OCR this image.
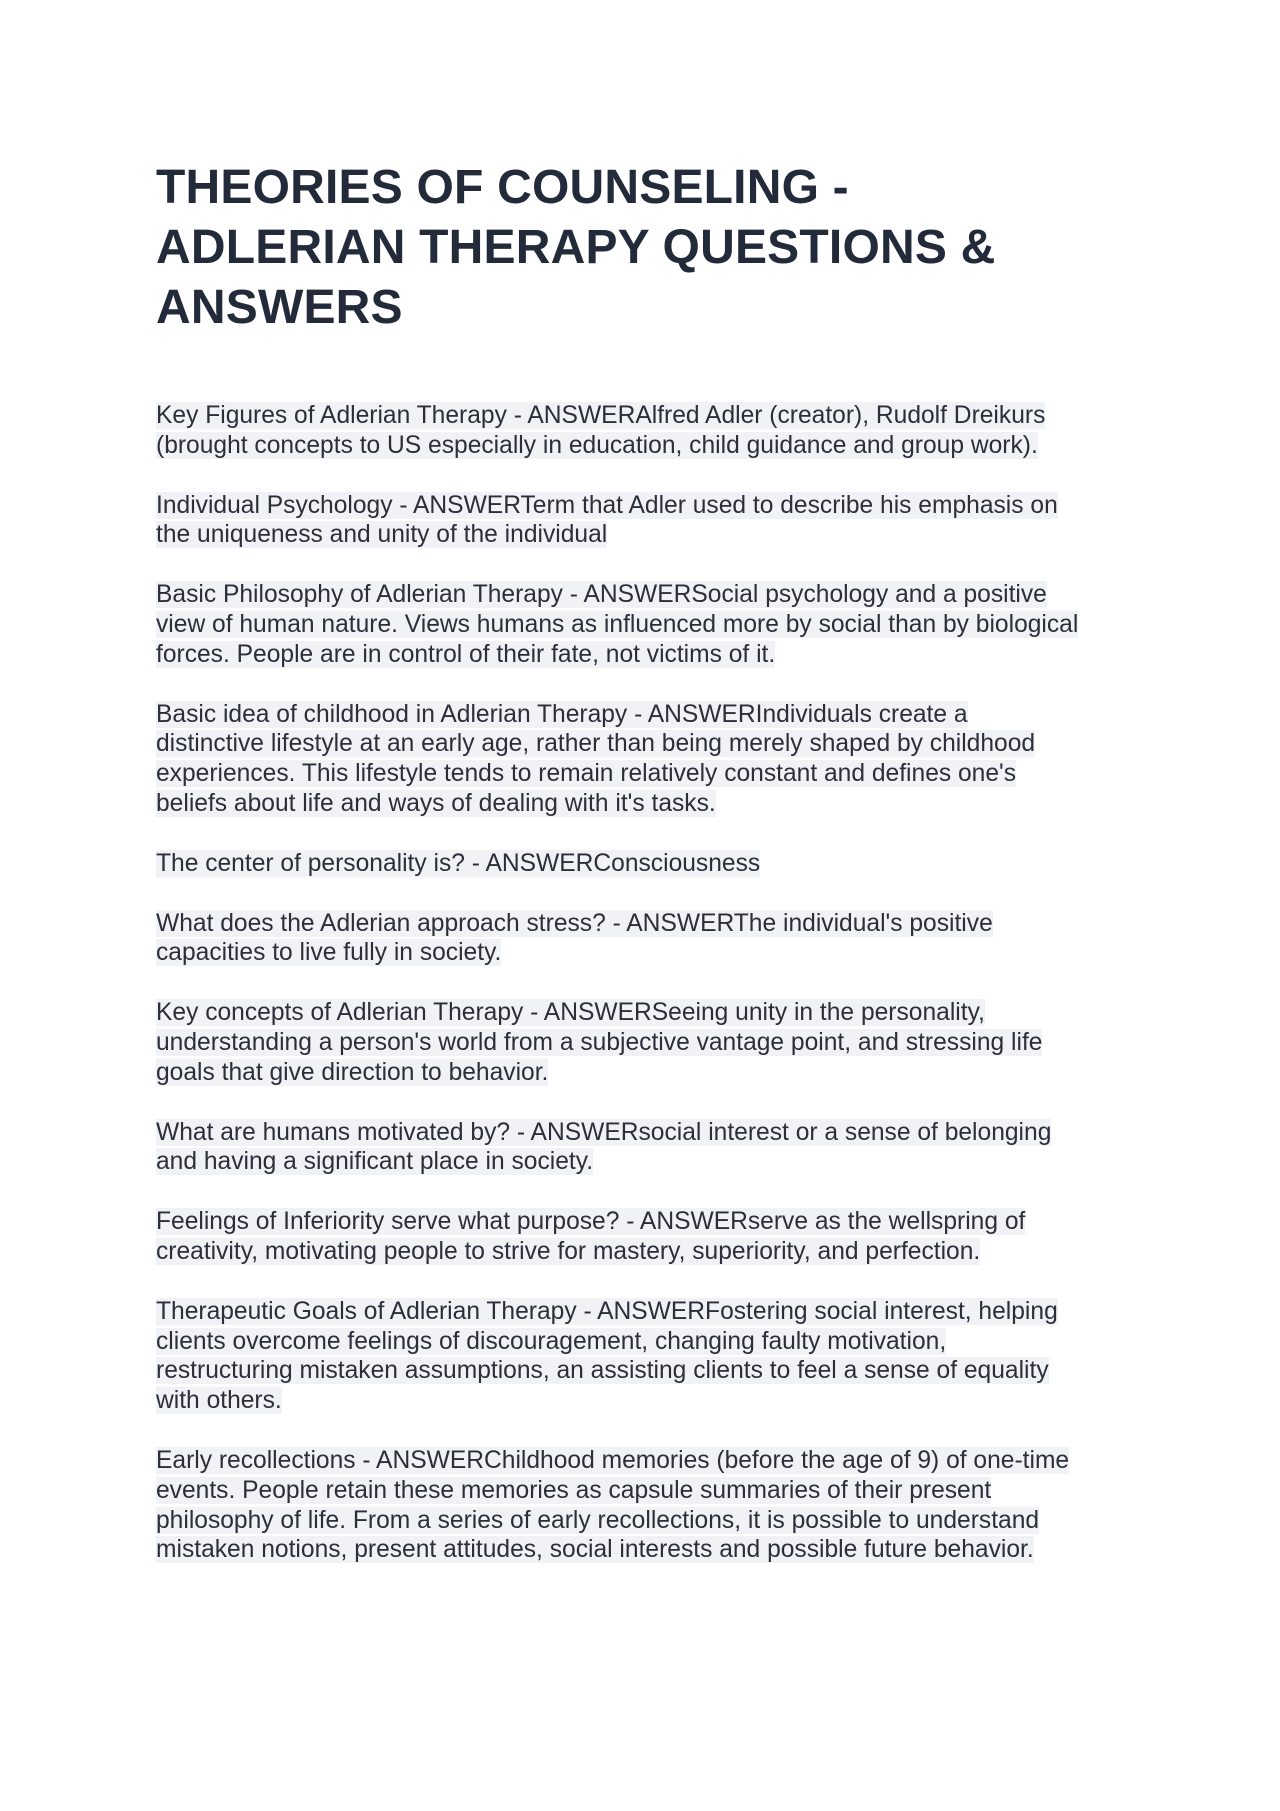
THEORIES OF COUNSELING -
ADLERIAN THERAPY QUESTIONS &
ANSWERS

Key Figures of Adlerian Therapy - ANSWERAlfred Adler (creator), Rudolf Dreikurs
(brought concepts to US especially in education, child guidance and group work).

Individual Psychology - ANSWERTerm that Adler used to describe his emphasis on
the uniqueness and unity of the individual

Basic Philosophy of Adlerian Therapy - ANSWERSocial psychology and a positive
view of human nature. Views humans as influenced more by social than by biological
forces. People are in control of their fate, not victims of it.

Basic idea of childhood in Adlerian Therapy - ANSWERIndividuals create a
distinctive lifestyle at an early age, rather than being merely shaped by childhood
experiences. This lifestyle tends to remain relatively constant and defines one's
beliefs about life and ways of dealing with it's tasks.

The center of personality is? - ANSWERConsciousness

What does the Adlerian approach stress? - ANSWERThe individual's positive
capacities to live fully in society.

Key concepts of Adlerian Therapy - ANSWERSeeing unity in the personality,
understanding a person's world from a subjective vantage point, and stressing life
goals that give direction to behavior.

What are humans motivated by? - ANSWERsocial interest or a sense of belonging
and having a significant place in society.

Feelings of Inferiority serve what purpose? - ANSWERserve as the wellspring of
creativity, motivating people to strive for mastery, superiority, and perfection.

Therapeutic Goals of Adlerian Therapy - ANSWERFostering social interest, helping
clients overcome feelings of discouragement, changing faulty motivation,
restructuring mistaken assumptions, an assisting clients to feel a sense of equality
with others.

Early recollections - ANSWERChildhood memories (before the age of 9) of one-time
events. People retain these memories as capsule summaries of their present
philosophy of life. From a series of early recollections, it is possible to understand
mistaken notions, present attitudes, social interests and possible future behavior.
